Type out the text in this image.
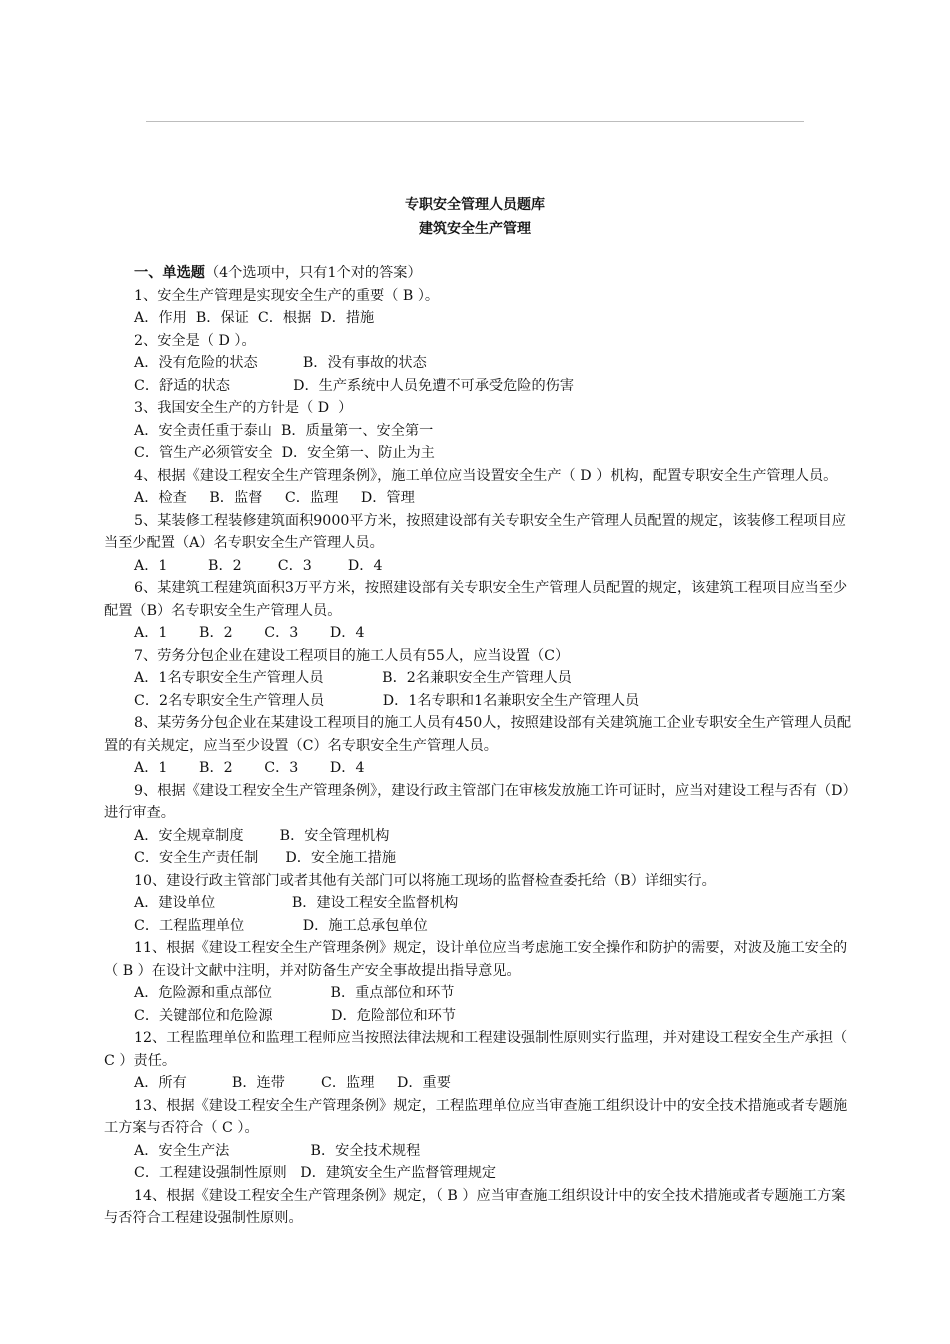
专职安全管理人员题库
建筑安全生产管理
一、单选题（4个选项中，只有1个对的答案）
1、安全生产管理是实现安全生产的重要（ B ）。
A．作用  B．保证  C．根据  D．措施
2、安全是（ D ）。
A．没有危险的状态          B．没有事故的状态
C．舒适的状态              D．生产系统中人员免遭不可承受危险的伤害
3、我国安全生产的方针是（ D  ）
A．安全责任重于泰山  B．质量第一、安全第一
C．管生产必须管安全  D．安全第一、防止为主
4、根据《建设工程安全生产管理条例》，施工单位应当设置安全生产（ D ）机构，配置专职安全生产管理人员。
A．检查     B．监督     C．监理     D．管理
5、某装修工程装修建筑面积9000平方米，按照建设部有关专职安全生产管理人员配置的规定，该装修工程项目应当至少配置（A）名专职安全生产管理人员。
A．1         B．2        C．3        D．4
6、某建筑工程建筑面积3万平方米，按照建设部有关专职安全生产管理人员配置的规定，该建筑工程项目应当至少配置（B）名专职安全生产管理人员。
A．1       B．2       C．3       D．4
7、劳务分包企业在建设工程项目的施工人员有55人，应当设置（C）
A．1名专职安全生产管理人员             B．2名兼职安全生产管理人员
C．2名专职安全生产管理人员             D．1名专职和1名兼职安全生产管理人员
8、某劳务分包企业在某建设工程项目的施工人员有450人，按照建设部有关建筑施工企业专职安全生产管理人员配置的有关规定，应当至少设置（C）名专职安全生产管理人员。
A．1       B．2       C．3       D．4
9、根据《建设工程安全生产管理条例》，建设行政主管部门在审核发放施工许可证时，应当对建设工程与否有（D）进行审查。
A．安全规章制度        B．安全管理机构
C．安全生产责任制      D．安全施工措施
10、建设行政主管部门或者其他有关部门可以将施工现场的监督检查委托给（B）详细实行。
A．建设单位                 B．建设工程安全监督机构
C．工程监理单位             D．施工总承包单位
11、根据《建设工程安全生产管理条例》规定，设计单位应当考虑施工安全操作和防护的需要，对波及施工安全的（ B ）在设计文献中注明，并对防备生产安全事故提出指导意见。
A．危险源和重点部位             B．重点部位和环节
C．关键部位和危险源             D．危险部位和环节
12、工程监理单位和监理工程师应当按照法律法规和工程建设强制性原则实行监理，并对建设工程安全生产承担（ C ）责任。
A．所有          B．连带        C．监理     D．重要
13、根据《建设工程安全生产管理条例》规定，工程监理单位应当审查施工组织设计中的安全技术措施或者专题施工方案与否符合（ C ）。
A．安全生产法                  B．安全技术规程
C．工程建设强制性原则   D．建筑安全生产监督管理规定
14、根据《建设工程安全生产管理条例》规定，（ B ）应当审查施工组织设计中的安全技术措施或者专题施工方案与否符合工程建设强制性原则。
